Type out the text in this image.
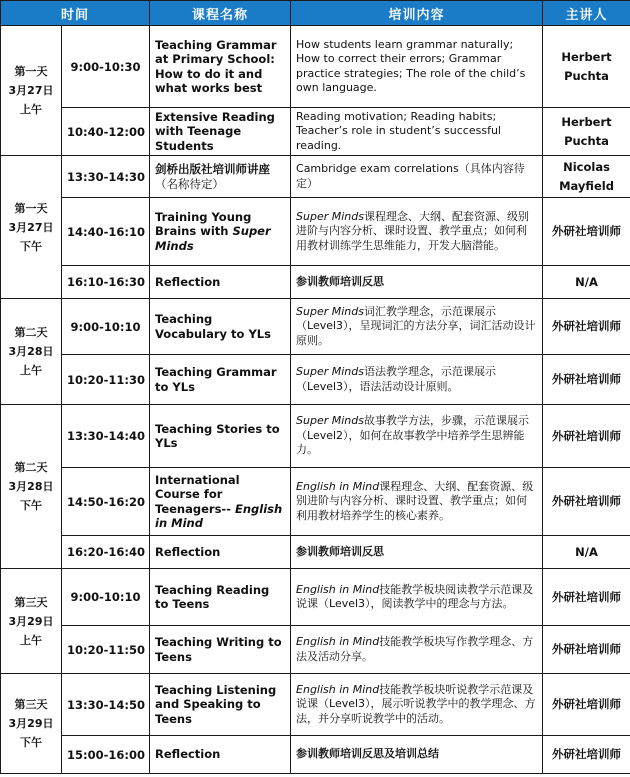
时间		课程名称	培训内容	主讲人

第一天
3月27日
上午	9:00-10:30	Teaching Grammar at Primary School: How to do it and what works best	How students learn grammar naturally; How to correct their errors; Grammar practice strategies; The role of the child’s own language.	Herbert
Puchta
	10:40-12:00	Extensive Reading with Teenage Students	Reading motivation; Reading habits; Teacher’s role in student’s successful reading.	Herbert
Puchta

第一天
3月27日
下午	13:30-14:30	剑桥出版社培训师讲座
（名称待定）	Cambridge exam correlations（具体内容待定）	Nicolas
Mayfield
	14:40-16:10	Training Young Brains with Super Minds	Super Minds课程理念、大纲、配套资源、级别进阶与内容分析、课时设置、教学重点；如何利用教材训练学生思维能力，开发大脑潜能。	外研社培训师
	16:10-16:30	Reflection	参训教师培训反思	N/A

第二天
3月28日
上午	9:00-10:10	Teaching Vocabulary to YLs	Super Minds词汇教学理念，示范课展示（Level3），呈现词汇的方法分享，词汇活动设计原则。	外研社培训师
	10:20-11:30	Teaching Grammar to YLs	Super Minds语法教学理念，示范课展示（Level3），语法活动设计原则。	外研社培训师

第二天
3月28日
下午	13:30-14:40	Teaching Stories to YLs	Super Minds故事教学方法，步骤，示范课展示（Level2），如何在故事教学中培养学生思辨能力。	外研社培训师
	14:50-16:20	International Course for Teenagers-- English in Mind	English in Mind课程理念、大纲、配套资源、级别进阶与内容分析、课时设置、教学重点；如何利用教材培养学生的核心素养。	外研社培训师
	16:20-16:40	Reflection	参训教师培训反思	N/A

第三天
3月29日
上午	9:00-10:10	Teaching Reading to Teens	English in Mind技能教学板块阅读教学示范课及说课（Level3），阅读教学中的理念与方法。	外研社培训师
	10:20-11:50	Teaching Writing to Teens	English in Mind技能教学板块写作教学理念、方法及活动分享。	外研社培训师

第三天
3月29日
下午	13:30-14:50	Teaching Listening and Speaking to Teens	English in Mind技能教学板块听说教学示范课及说课（Level3），展示听说教学中的教学理念、方法，并分享听说教学中的活动。	外研社培训师
	15:00-16:00	Reflection	参训教师培训反思及培训总结	外研社培训师
